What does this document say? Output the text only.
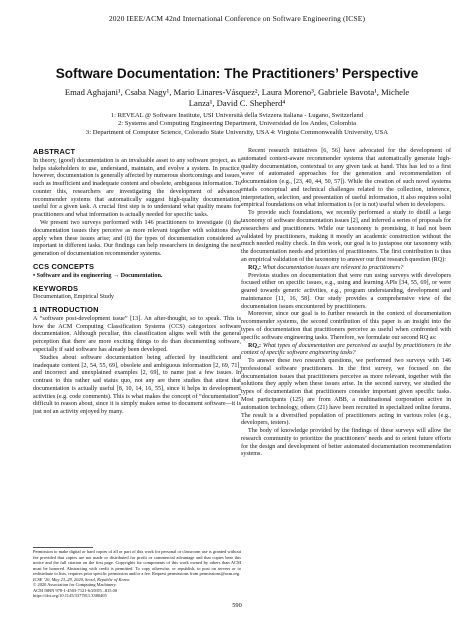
2020 IEEE/ACM 42nd International Conference on Software Engineering (ICSE)
Software Documentation: The Practitioners’ Perspective
Emad Aghajani¹, Csaba Nagy¹, Mario Linares-Vásquez², Laura Moreno³, Gabriele Bavota¹, Michele
Lanza¹, David C. Shepherd⁴
1: REVEAL @ Software Institute, USI Università della Svizzera italiana - Lugano, Switzerland
2: Systems and Computing Engineering Department, Universidad de los Andes, Colombia
3: Department of Computer Science, Colorado State University, USA 4: Virginia Commonwealth University, USA
ABSTRACT

In theory, (good) documentation is an invaluable asset to any software project, as it helps stakeholders to use, understand, maintain, and evolve a system. In practice, however, documentation is generally affected by numerous shortcomings and issues, such as insufficient and inadequate content and obsolete, ambiguous information. To counter this, researchers are investigating the development of advanced recommender systems that automatically suggest high-quality documentation, useful for a given task. A crucial first step is to understand what quality means for practitioners and what information is actually needed for specific tasks.

We present two surveys performed with 146 practitioners to investigate (i) the documentation issues they perceive as more relevant together with solutions they apply when these issues arise; and (ii) the types of documentation considered as important in different tasks. Our findings can help researchers in designing the next generation of documentation recommender systems.

CCS CONCEPTS

• Software and its engineering → Documentation.

KEYWORDS

Documentation, Empirical Study

1 INTRODUCTION

A “software post-development issue” [13]. An after-thought, so to speak. This is how the ACM Computing Classification Systems (CCS) categorizes software documentation. Although peculiar, this classification aligns well with the general perception that there are more exciting things to do than documenting software, especially if said software has already been developed.

Studies about software documentation being affected by insufficient and inadequate content [2, 54, 55, 69], obsolete and ambiguous information [2, 69, 71], and incorrect and unexplained examples [2, 69], to name just a few issues. In contrast to this rather sad status quo, not any are there studies that attest that documentation is actually useful [8, 10, 14, 16, 55], since it helps in development activities (e.g. code comments). This is what makes the concept of “documentation” difficult to reason about, since it is simply makes sense to document software—it is just not an activity enjoyed by many.

Permission to make digital or hard copies of all or part of this work for personal or classroom use is granted without fee provided that copies are not made or distributed for profit or commercial advantage and that copies bear this notice and the full citation on the first page. Copyrights for components of this work owned by others than ACM must be honored. Abstracting with credit is permitted. To copy otherwise, or republish, to post on servers or to redistribute to lists, requires prior specific permission and/or a fee. Request permissions from permissions@acm.org.

ICSE ’20, May 23–29, 2020, Seoul, Republic of Korea

© 2020 Association for Computing Machinery.

ACM ISBN 978-1-4503-7121-6/20/05...$15.00

https://doi.org/10.1145/3377811.3380405

Recent research initiatives [6, 56] have advocated for the development of automated context-aware recommender systems that automatically generate high-quality documentation, contextual to any given task at hand. This has led to a first wave of automated approaches for the generation and recommendation of documentation (e.g., [23, 40, 44, 50, 57]). While the creation of such novel systems entails conceptual and technical challenges related to the collection, inference, interpretation, selection, and presentation of useful information, it also requires solid empirical foundations on what information is (or is not) useful when to developers.

To provide such foundations, we recently performed a study to distill a large taxonomy of software documentation issues [2], and inferred a series of proposals for researchers and practitioners. While our taxonomy is promising, it had not been validated by practitioners, making it mostly an academic construction without the much needed reality check. In this work, our goal is to juxtapose our taxonomy with the documentation needs and priorities of practitioners. The first contribution is thus an empirical validation of the taxonomy to answer our first research question (RQ):

RQ₁: What documentation issues are relevant to practitioners?

Previous studies on documentation that were run using surveys with developers focused either on specific issues, e.g., using and learning APIs [34, 55, 69], or were geared towards generic activities, e.g., program understanding, development and maintenance [11, 16, 58]. Our study provides a comprehensive view of the documentation issues encountered by practitioners.

Moreover, since our goal is to further research in the context of documentation recommender systems, the second contribution of this paper is an insight into the types of documentation that practitioners perceive as useful when confronted with specific software engineering tasks. Therefore, we formulate our second RQ as:

RQ₂: What types of documentation are perceived as useful by practitioners in the context of specific software engineering tasks?

To answer these two research questions, we performed two surveys with 146 professional software practitioners. In the first survey, we focused on the documentation issues that practitioners perceive as more relevant, together with the solutions they apply when these issues arise. In the second survey, we studied the types of documentation that practitioners consider important given specific tasks. Most participants (125) are from ABB, a multinational corporation active in automation technology, others (21) have been recruited in specialized online forums. The result is a diversified population of practitioners acting in various roles (e.g., developers, testers).

The body of knowledge provided by the findings of these surveys will allow the research community to prioritize the practitioners’ needs and to orient future efforts for the design and development of better automated documentation recommendation systems.

590
